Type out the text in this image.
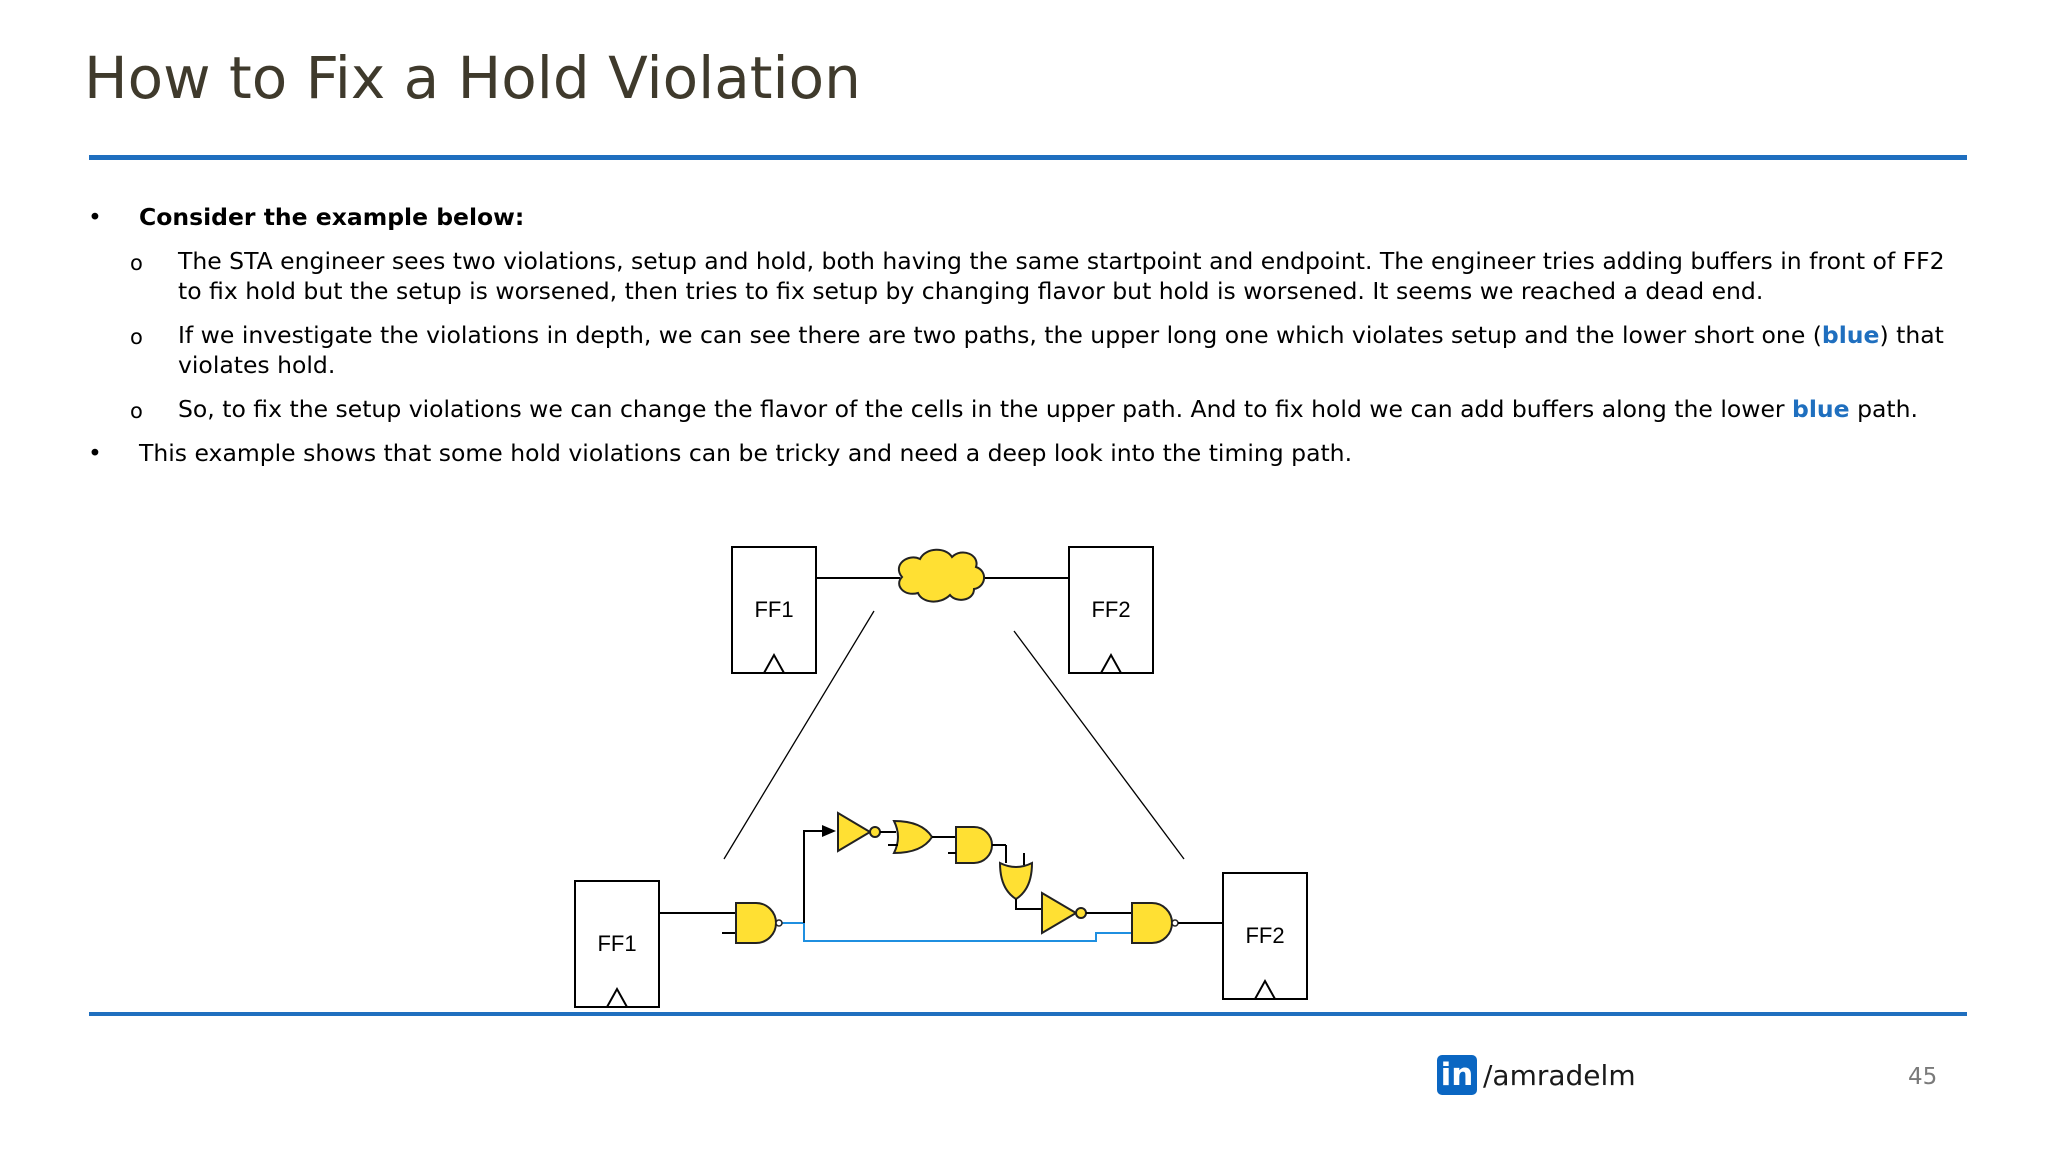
How to Fix a Hold Violation
• Consider the example below:
o The STA engineer sees two violations, setup and hold, both having the same startpoint and endpoint. The engineer tries adding buffers in front of FF2 to fix hold but the setup is worsened, then tries to fix setup by changing flavor but hold is worsened. It seems we reached a dead end.
o If we investigate the violations in depth, we can see there are two paths, the upper long one which violates setup and the lower short one (blue) that violates hold.
o So, to fix the setup violations we can change the flavor of the cells in the upper path. And to fix hold we can add buffers along the lower blue path.
• This example shows that some hold violations can be tricky and need a deep look into the timing path.
FF1	FF2
FF1	FF2
in /amradelm	45
